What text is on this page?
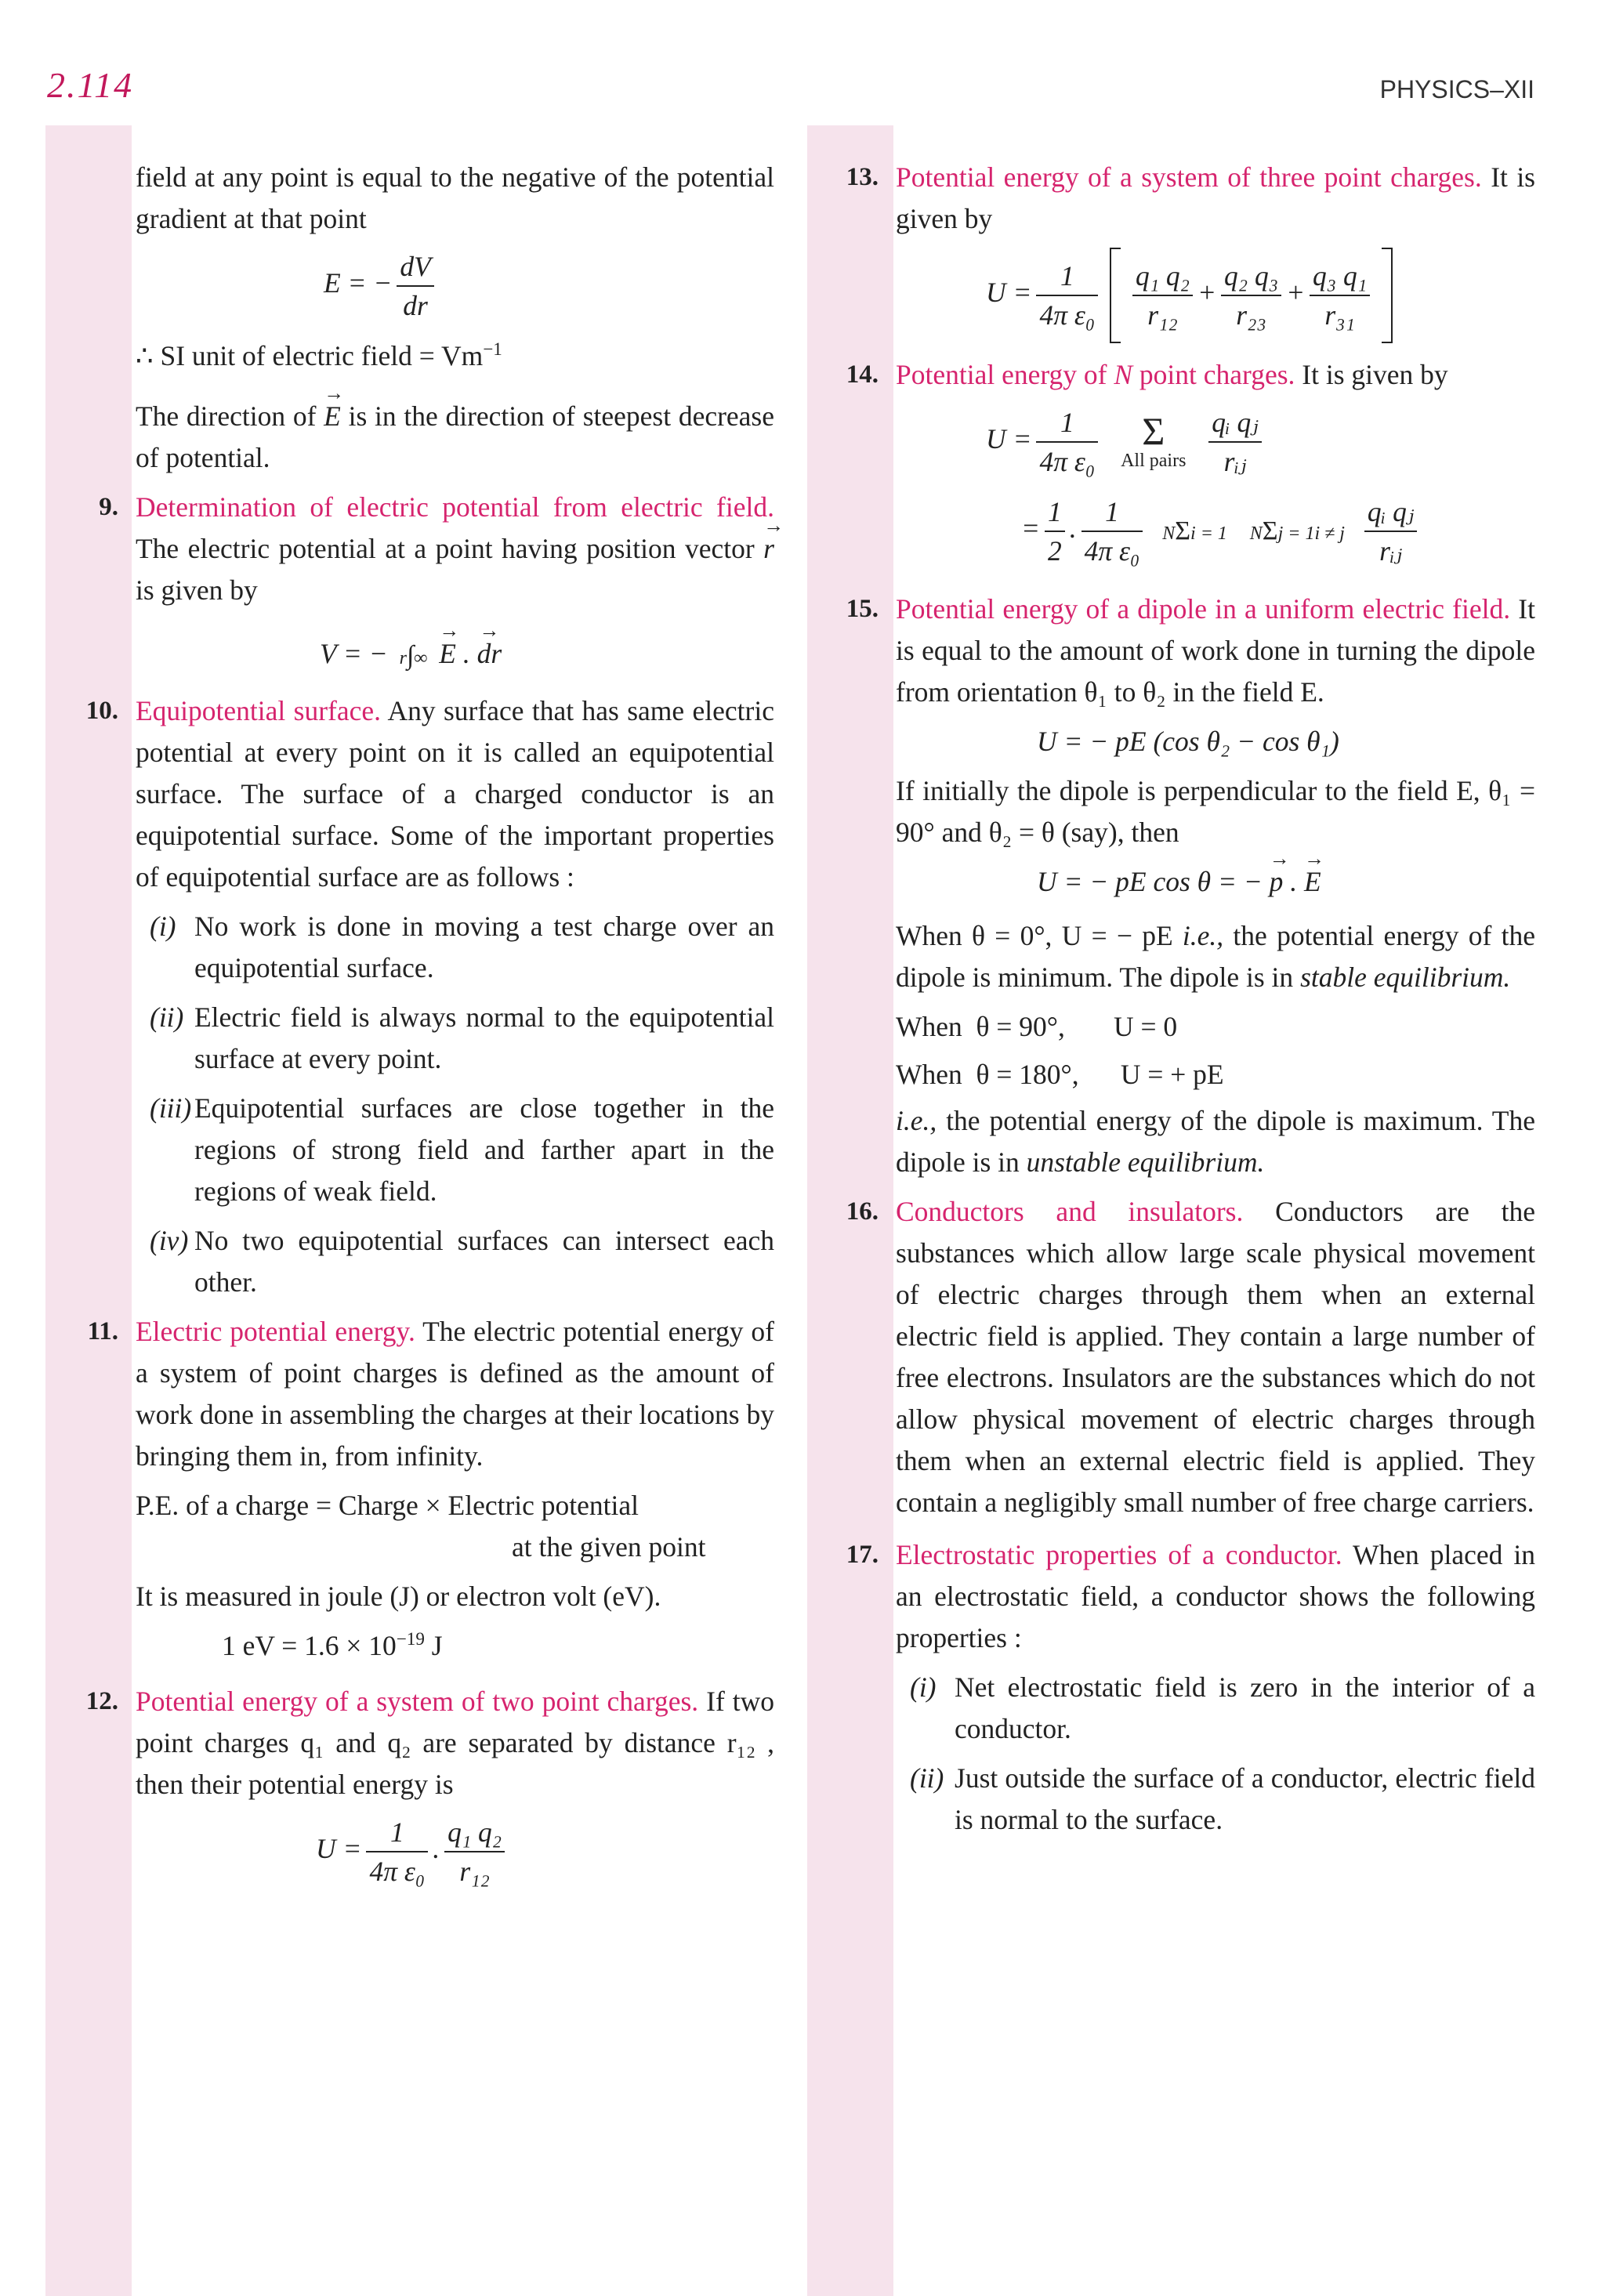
2.114	PHYSICS–XII

field at any point is equal to the negative of the potential gradient at that point

E = − $\frac{dV}{dr}$

∴ SI unit of electric field = $Vm^{-1}$

The direction of → E is in the direction of steepest decrease of potential.

9. Determination of electric potential from electric field. The electric potential at a point having position vector → r is given by

V = − r∫∞ → E . → dr
10. Equipotential surface. Any surface that has same electric potential at every point on it is called an equipotential surface. The surface of a charged conductor is an equipotential surface. Some of the important properties of equipotential surface are as follows :

(i) No work is done in moving a test charge over an equipotential surface.
(ii) Electric field is always normal to the equipotential surface at every point.
(iii) Equipotential surfaces are close together in the regions of strong field and farther apart in the regions of weak field.
(iv) No two equipotential surfaces can intersect each other.
11. Electric potential energy. The electric potential energy of a system of point charges is defined as the amount of work done in assembling the charges at their locations by bringing them in, from infinity.

P.E. of a charge = Charge × Electric potential
at the given point

It is measured in joule (J) or electron volt (eV).

1 eV = $1.6 \times 10^{-19}$ J
12. Potential energy of a system of two point charges. If two point charges q₁ and q₂ are separated by distance r₁₂ , then their potential energy is

$U = \frac{1}{\text{4π ε₀}}$ . $\frac{\text{q₁ q₂}}{\text{r₁₂}}$
13. Potential energy of a system of three point charges. It is given by

$U = \frac{1}{\text{4π ε₀}}$
$\frac{\text{q₁ q₂}}{\text{r₁₂}} + \frac{\text{q₂ q₃}}{\text{r₂₃}} + \frac{\text{q₃ q₁}}{\text{r₃₁}}$

14. Potential energy of N point charges. It is given by

$U = \frac{1}{\text{4π ε₀}}$
	Σ
All pairs
$\frac{\text{qᵢ qⱼ}}{\text{rᵢⱼ}}$
= $\frac{1}{2}$ . $\frac{1}{\text{4π ε₀}}$ NΣi = 1 NΣj = 1i ≠ j $\frac{\text{qᵢ qⱼ}}{\text{rᵢⱼ}}$
15. Potential energy of a dipole in a uniform electric field. It is equal to the amount of work done in turning the dipole from orientation θ₁ to θ₂ in the field E.

U = − pE (cos θ₂ − cos θ₁)

If initially the dipole is perpendicular to the field E, θ₁ = 90° and θ₂ = θ (say), then

U = − pE cos θ = − → p . → E

When θ = 0°, U = − pE i.e., the potential energy of the dipole is minimum. The dipole is in stable equilibrium.

When  θ = 90°,       U = 0
When  θ = 180°,      U = + pE

i.e., the potential energy of the dipole is maximum. The dipole is in unstable equilibrium.

16. Conductors and insulators. Conductors are the substances which allow large scale physical movement of electric charges through them when an external electric field is applied. They contain a large number of free electrons. Insulators are the substances which do not allow physical movement of electric charges through them when an external electric field is applied. They contain a negligibly small number of free charge carriers.

17. Electrostatic properties of a conductor. When placed in an electrostatic field, a conductor shows the following properties :

(i) Net electrostatic field is zero in the interior of a conductor.
(ii) Just outside the surface of a conductor, electric field is normal to the surface.
